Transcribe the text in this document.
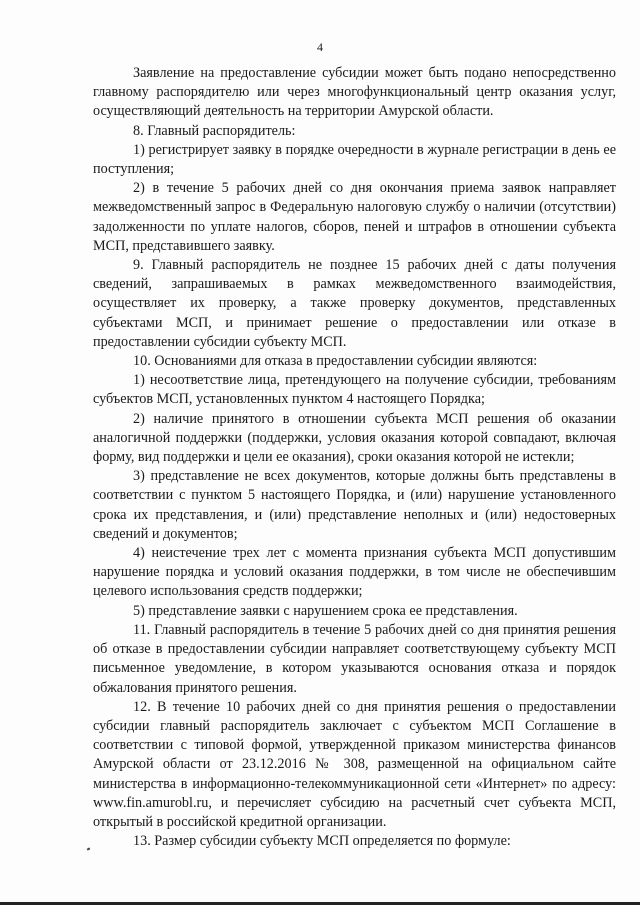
4

Заявление на предоставление субсидии может быть подано непосредственно главному распорядителю или через многофункциональный центр оказания услуг, осуществляющий деятельность на территории Амурской области.

8. Главный распорядитель:

1) регистрирует заявку в порядке очередности в журнале регистрации в день ее поступления;

2) в течение 5 рабочих дней со дня окончания приема заявок направляет межведомственный запрос в Федеральную налоговую службу о наличии (отсутствии) задолженности по уплате налогов, сборов, пеней и штрафов в отношении субъекта МСП, представившего заявку.

9. Главный распорядитель не позднее 15 рабочих дней с даты получения сведений, запрашиваемых в рамках межведомственного взаимодействия, осуществляет их проверку, а также проверку документов, представленных субъектами МСП, и принимает решение о предоставлении или отказе в предоставлении субсидии субъекту МСП.

10. Основаниями для отказа в предоставлении субсидии являются:

1) несоответствие лица, претендующего на получение субсидии, требованиям субъектов МСП, установленных пунктом 4 настоящего Порядка;

2) наличие принятого в отношении субъекта МСП решения об оказании аналогичной поддержки (поддержки, условия оказания которой совпадают, включая форму, вид поддержки и цели ее оказания), сроки оказания которой не истекли;

3) представление не всех документов, которые должны быть представлены в соответствии с пунктом 5 настоящего Порядка, и (или) нарушение установленного срока их представления, и (или) представление неполных и (или) недостоверных сведений и документов;

4) неистечение трех лет с момента признания субъекта МСП допустившим нарушение порядка и условий оказания поддержки, в том числе не обеспечившим целевого использования средств поддержки;

5) представление заявки с нарушением срока ее представления.

11. Главный распорядитель в течение 5 рабочих дней со дня принятия решения об отказе в предоставлении субсидии направляет соответствующему субъекту МСП письменное уведомление, в котором указываются основания отказа и порядок обжалования принятого решения.

12. В течение 10 рабочих дней со дня принятия решения о предоставлении субсидии главный распорядитель заключает с субъектом МСП Соглашение в соответствии с типовой формой, утвержденной приказом министерства финансов Амурской области от 23.12.2016 № 308, размещенной на официальном сайте министерства в информационно-телекоммуникационной сети «Интернет» по адресу: www.fin.amurobl.ru, и перечисляет субсидию на расчетный счет субъекта МСП, открытый в российской кредитной организации.

13. Размер субсидии субъекту МСП определяется по формуле:
